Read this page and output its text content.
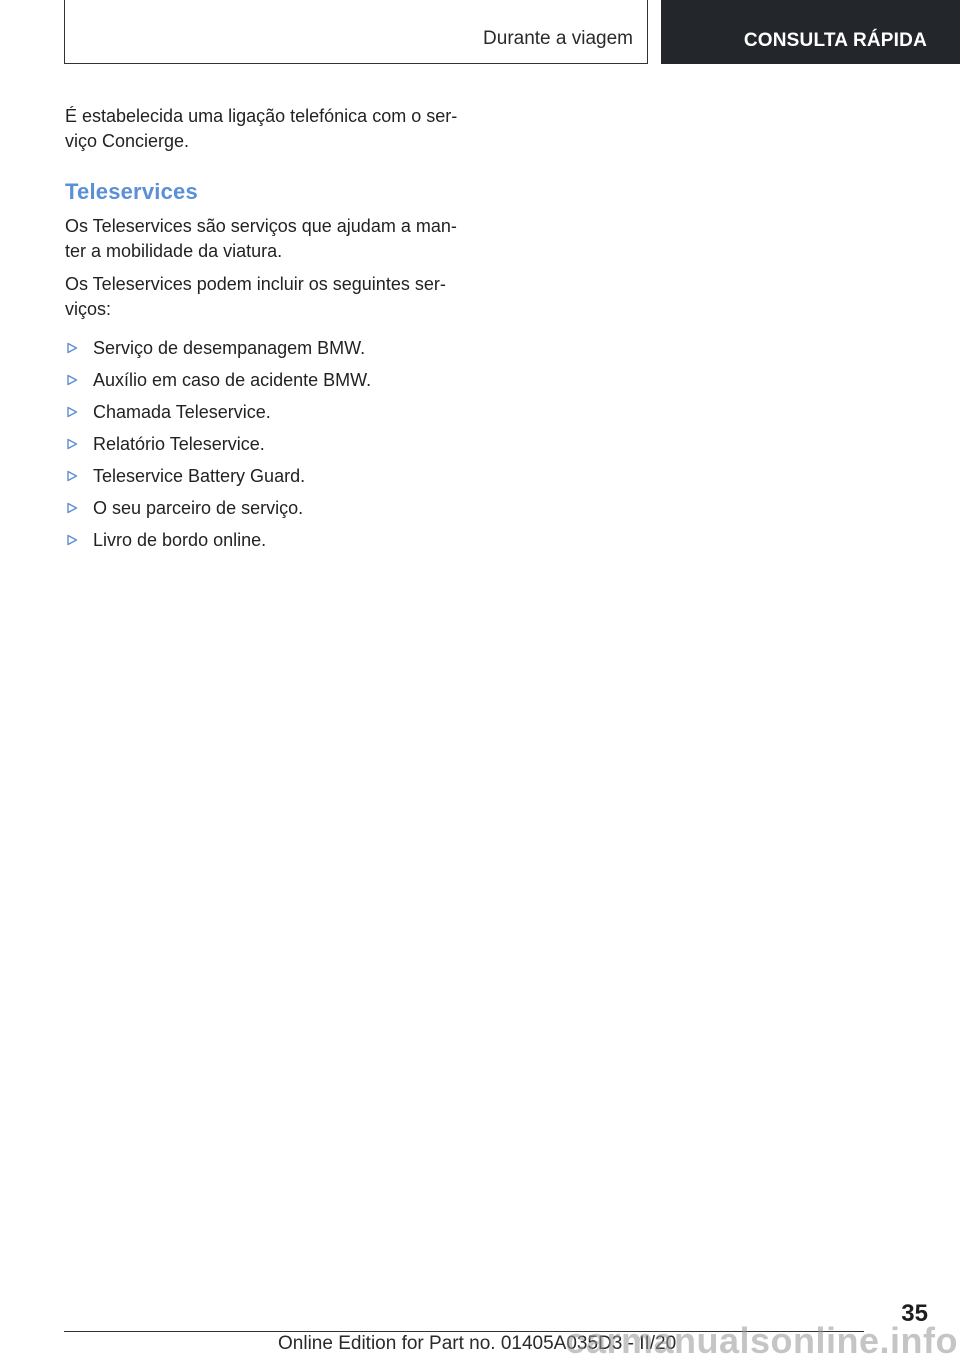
Durante a viagem	CONSULTA RÁPIDA

É estabelecida uma ligação telefónica com o ser-
viço Concierge.

Teleservices

Os Teleservices são serviços que ajudam a man-
ter a mobilidade da viatura.

Os Teleservices podem incluir os seguintes ser-
viços:

Serviço de desempanagem BMW.
Auxílio em caso de acidente BMW.
Chamada Teleservice.
Relatório Teleservice.
Teleservice Battery Guard.
O seu parceiro de serviço.
Livro de bordo online.
35
Online Edition for Part no. 01405A035D3 - II/20
carmanualsonline.info
